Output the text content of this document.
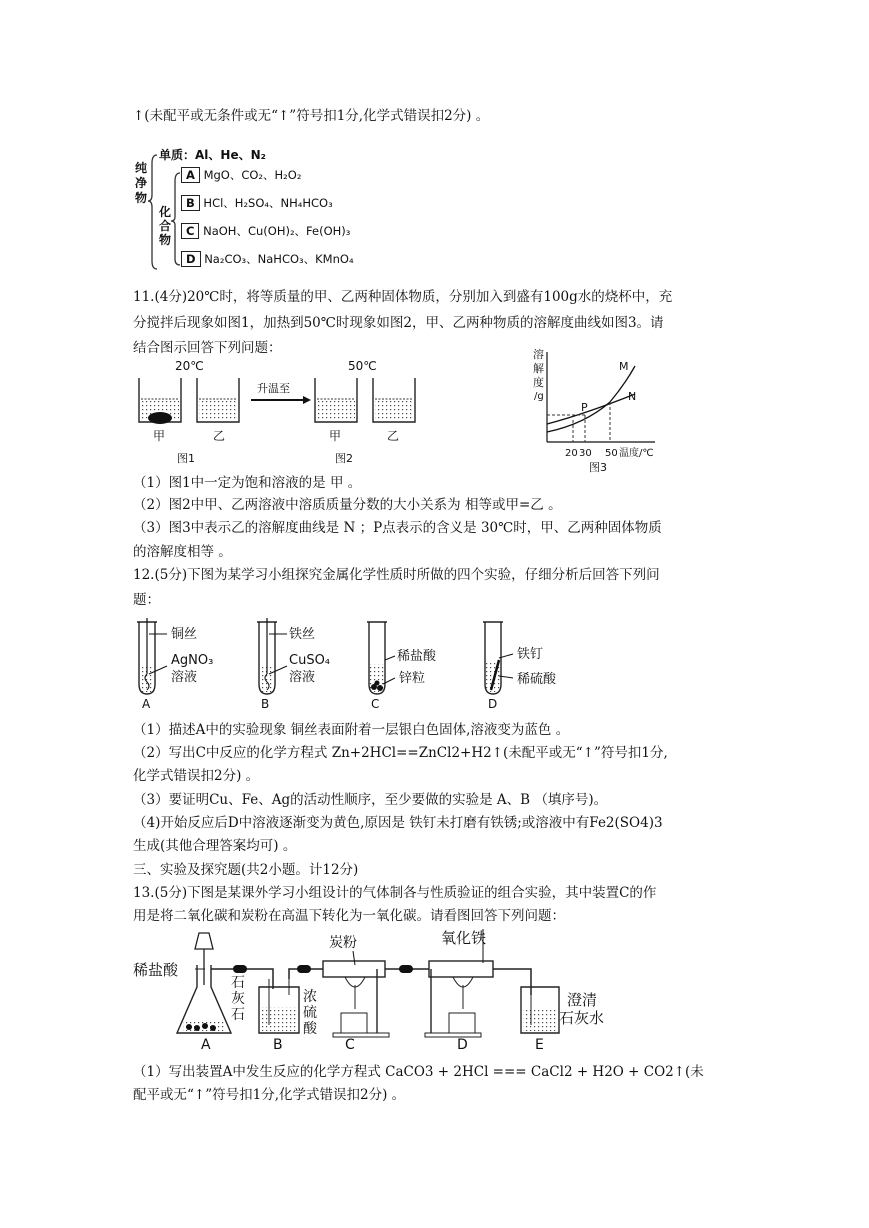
↑(未配平或无条件或无“↑”符号扣1分,化学式错误扣2分) 。
纯净物
单质：Al、He、N₂
化合物
A MgO、CO₂、H₂O₂
B HCl、H₂SO₄、NH₄HCO₃
C NaOH、Cu(OH)₂、Fe(OH)₃
D Na₂CO₃、NaHCO₃、KMnO₄
11.(4分)20℃时，将等质量的甲、乙两种固体物质，分别加入到盛有100g水的烧杯中，充
分搅拌后现象如图1，加热到50℃时现象如图2，甲、乙两种物质的溶解度曲线如图3。请
结合图示回答下列问题：
20℃	50℃
升温至
甲	乙	甲	乙
图1	图2
溶
解
度
/g
M
N
P
20 30 50 温度/℃
图3
（1）图1中一定为饱和溶液的是 甲 。
（2）图2中甲、乙两溶液中溶质质量分数的大小关系为 相等或甲=乙 。
（3）图3中表示乙的溶解度曲线是 N ；P点表示的含义是 30℃时，甲、乙两种固体物质
的溶解度相等 。
12.(5分)下图为某学习小组探究金属化学性质时所做的四个实验，仔细分析后回答下列问
题：
铜丝
AgNO₃
溶液
A
铁丝
CuSO₄
溶液
B
稀盐酸
锌粒
C
铁钉
稀硫酸
D
（1）描述A中的实验现象 铜丝表面附着一层银白色固体,溶液变为蓝色 。
（2）写出C中反应的化学方程式 Zn+2HCl==ZnCl2+H2↑(未配平或无“↑”符号扣1分,
化学式错误扣2分) 。
（3）要证明Cu、Fe、Ag的活动性顺序，至少要做的实验是 A、B （填序号)。
（4)开始反应后D中溶液逐渐变为黄色,原因是 铁钉未打磨有铁锈;或溶液中有Fe2(SO4)3
生成(其他合理答案均可) 。
三、实验及探究题(共2小题。计12分)
13.(5分)下图是某课外学习小组设计的气体制各与性质验证的组合实验，其中装置C的作
用是将二氧化碳和炭粉在高温下转化为一氧化碳。请看图回答下列问题：
稀盐酸
石
灰
石
A
浓
硫
酸
B
炭粉
C
氧化铁
D
澄清
石灰水
E
（1）写出装置A中发生反应的化学方程式 CaCO3 + 2HCl === CaCl2 + H2O + CO2↑(未
配平或无“↑”符号扣1分,化学式错误扣2分) 。
